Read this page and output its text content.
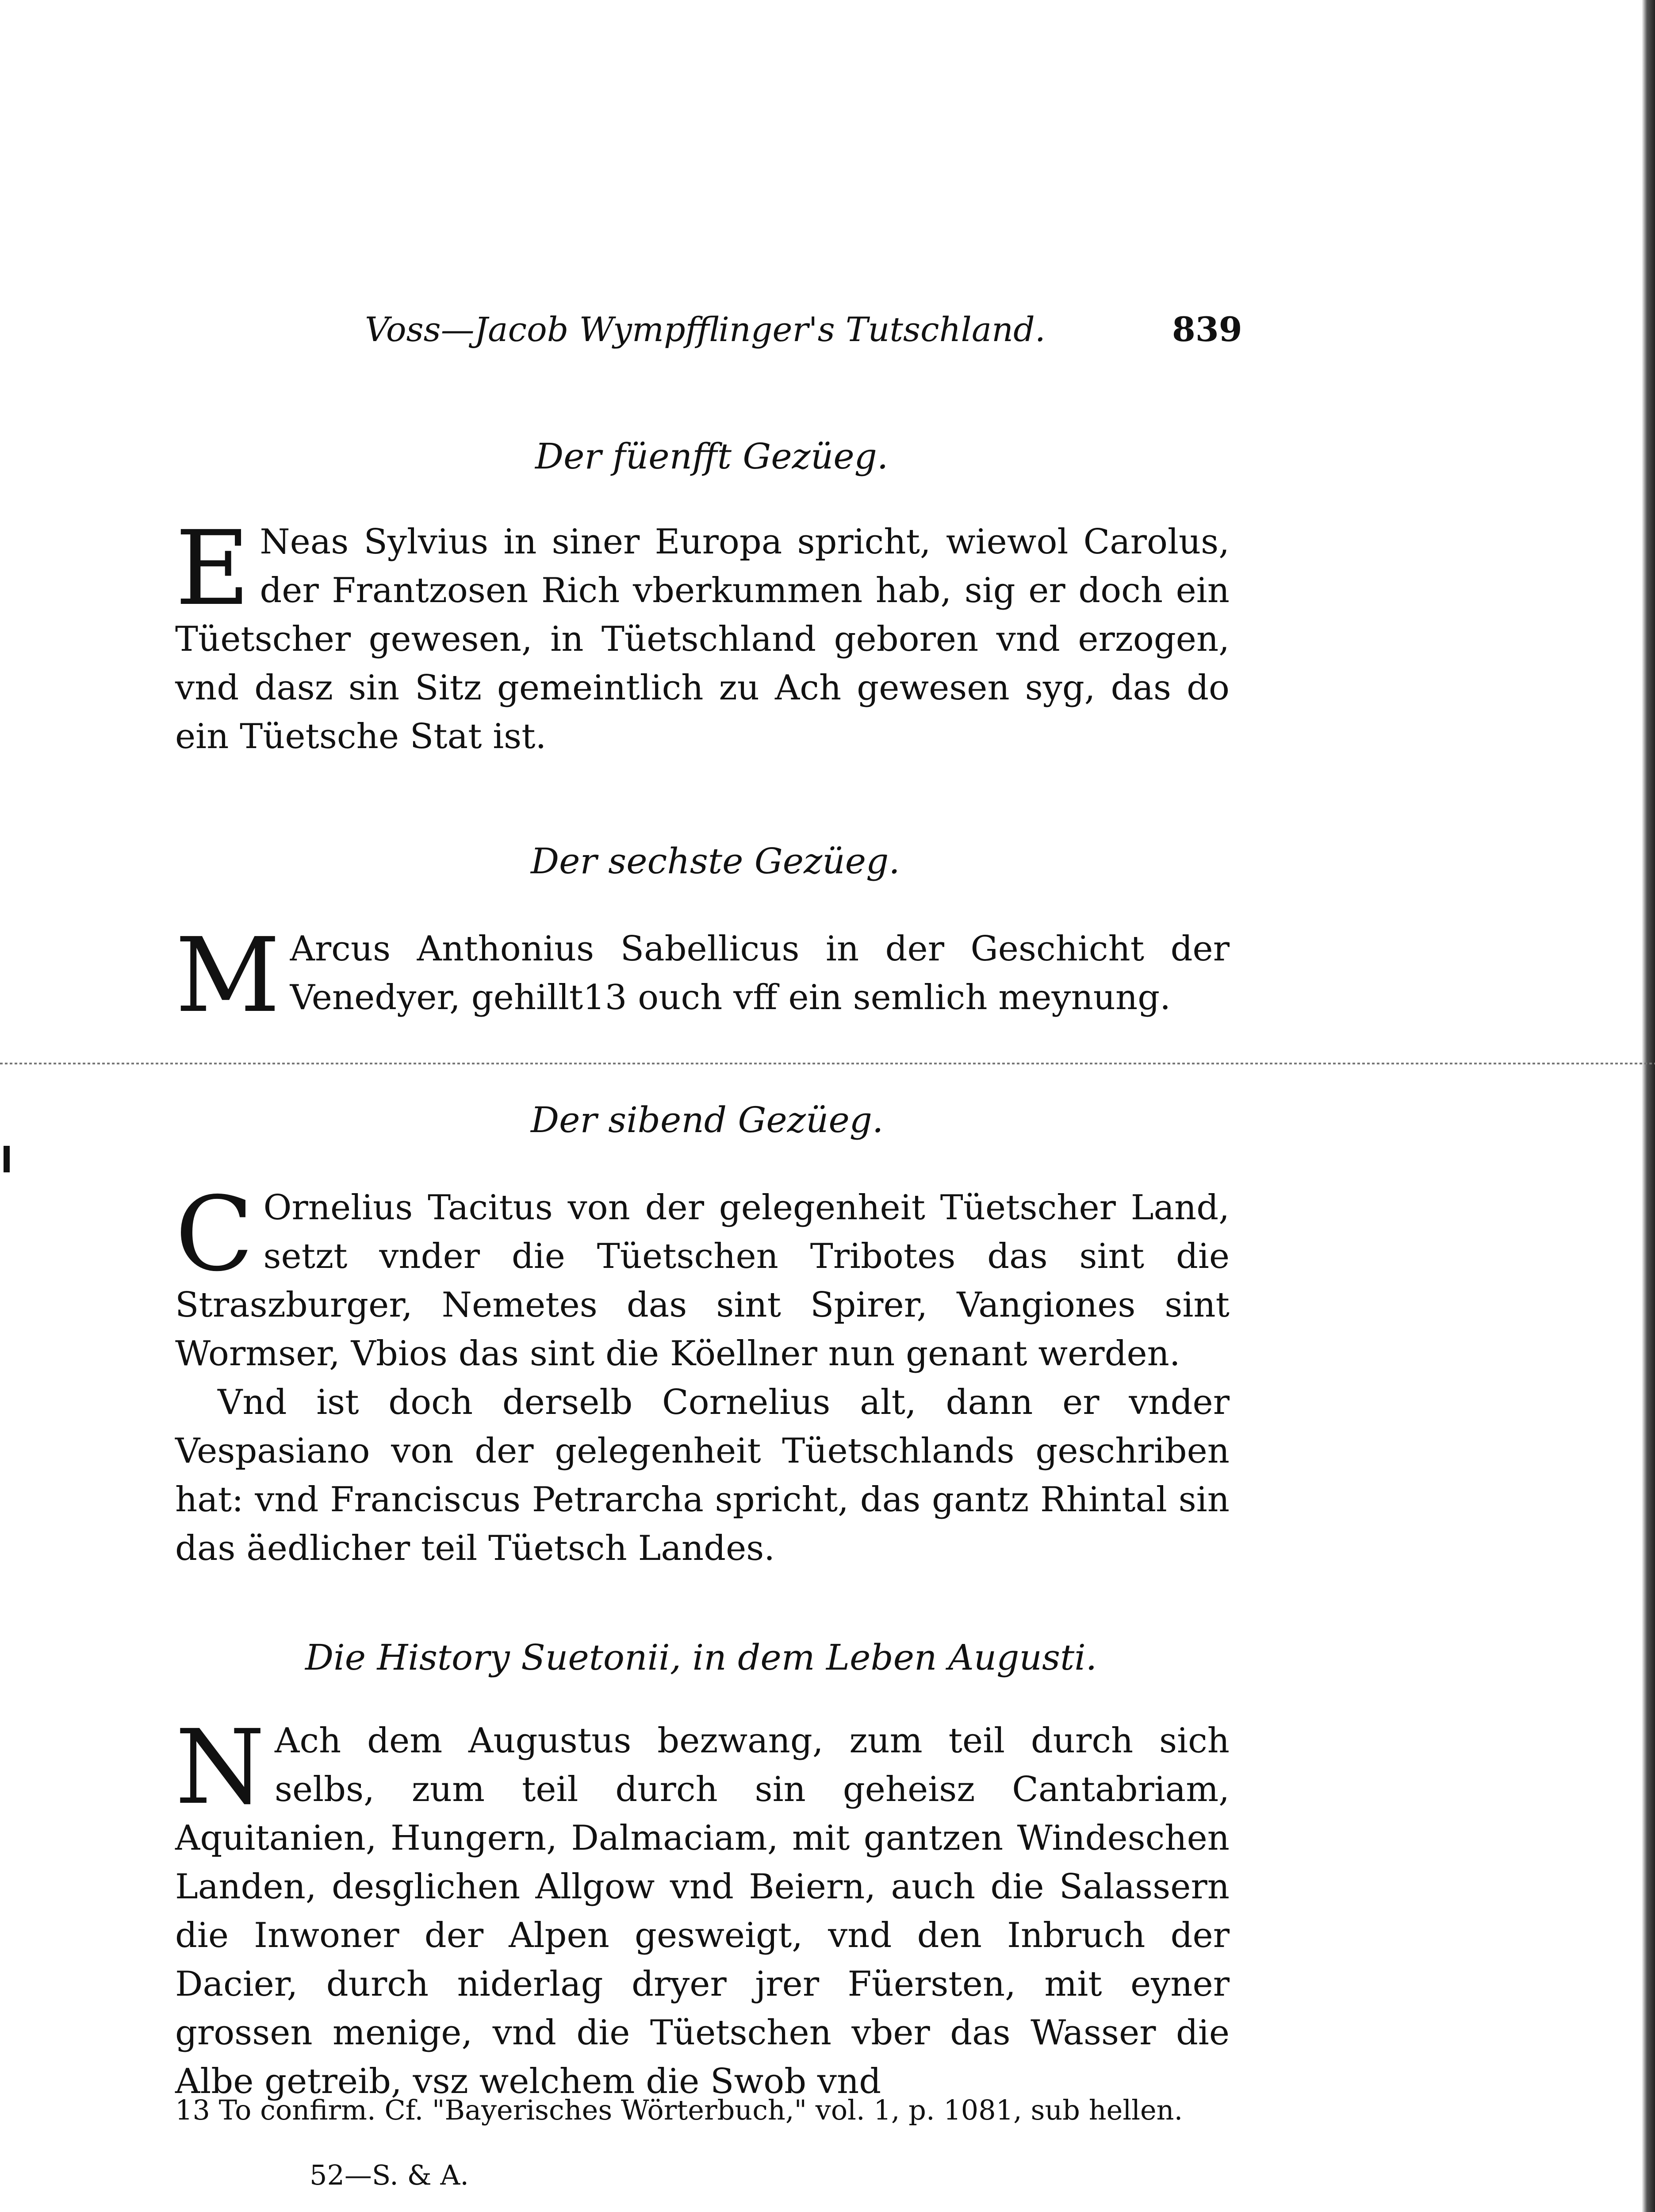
Voss—Jacob Wympfflinger's Tutschland.	839
Der füenfft Gezüeg.
E Neas Sylvius in siner Europa spricht, wiewol Carolus, der Frantzosen Rich vberkummen hab, sig er doch ein Tüetscher gewesen, in Tüetschland geboren vnd erzogen, vnd dasz sin Sitz gemeintlich zu Ach gewesen syg, das do ein Tüetsche Stat ist.

Der sechste Gezüeg.
M Arcus Anthonius Sabellicus in der Geschicht der Venedyer, gehillt13 ouch vff ein semlich meynung.

Der sibend Gezüeg.
C Ornelius Tacitus von der gelegenheit Tüetscher Land, setzt vnder die Tüetschen Tribotes das sint die Straszburger, Nemetes das sint Spirer, Vangiones sint Wormser, Vbios das sint die Köellner nun genant werden.

Vnd ist doch derselb Cornelius alt, dann er vnder Vespasiano von der gelegenheit Tüetschlands geschriben hat: vnd Franciscus Petrarcha spricht, das gantz Rhintal sin das äedlicher teil Tüetsch Landes.

Die History Suetonii, in dem Leben Augusti.
N Ach dem Augustus bezwang, zum teil durch sich selbs, zum teil durch sin geheisz Cantabriam, Aquitanien, Hungern, Dalmaciam, mit gantzen Windeschen Landen, desglichen Allgow vnd Beiern, auch die Salassern die Inwoner der Alpen gesweigt, vnd den Inbruch der Dacier, durch niderlag dryer jrer Füersten, mit eyner grossen menige, vnd die Tüetschen vber das Wasser die Albe getreib, vsz welchem die Swob vnd

13 To confirm. Cf. "Bayerisches Wörterbuch," vol. 1, p. 1081, sub hellen.

52—S. & A.
